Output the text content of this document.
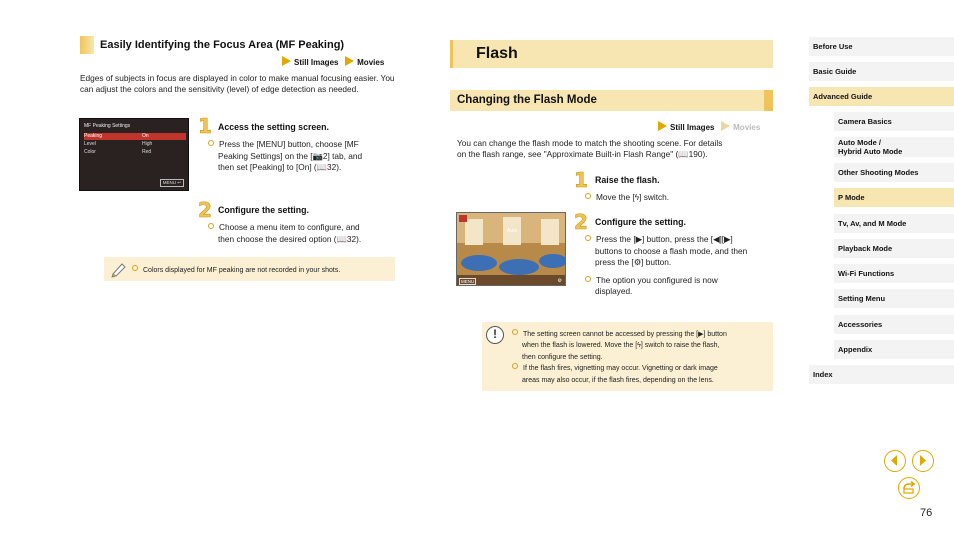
Easily Identifying the Focus Area (MF Peaking)
Still Images Movies
Edges of subjects in focus are displayed in color to make manual focusing easier. You can adjust the colors and the sensitivity (level) of edge detection as needed.
MF Peaking Settings
Peaking	On
Level	High
Color	Red
MENU ↩
1 Access the setting screen.
Press the [MENU] button, choose [MF
Peaking Settings] on the [📷2] tab, and
then set [Peaking] to [On] (📖32).
2 Configure the setting.
Choose a menu item to configure, and
then choose the desired option (📖32).
Colors displayed for MF peaking are not recorded in your shots.
Flash
Changing the Flash Mode
Still Images Movies
You can change the flash mode to match the shooting scene. For details
on the flash range, see "Approximate Built-in Flash Range" (📖190).
1 Raise the flash.
Move the [ϟ] switch.
Auto
MENU	⚙
2 Configure the setting.
Press the [▶] button, press the [◀][▶]
buttons to choose a flash mode, and then
press the [⚙] button.
The option you configured is now
displayed.
!	The setting screen cannot be accessed by pressing the [▶] button
when the flash is lowered. Move the [ϟ] switch to raise the flash,
then configure the setting.
If the flash fires, vignetting may occur. Vignetting or dark image
areas may also occur, if the flash fires, depending on the lens.
Before Use
Basic Guide
Advanced Guide
Camera Basics
Auto Mode /
Hybrid Auto Mode
Other Shooting Modes
P Mode
Tv, Av, and M Mode
Playback Mode
Wi-Fi Functions
Setting Menu
Accessories
Appendix
Index
76
